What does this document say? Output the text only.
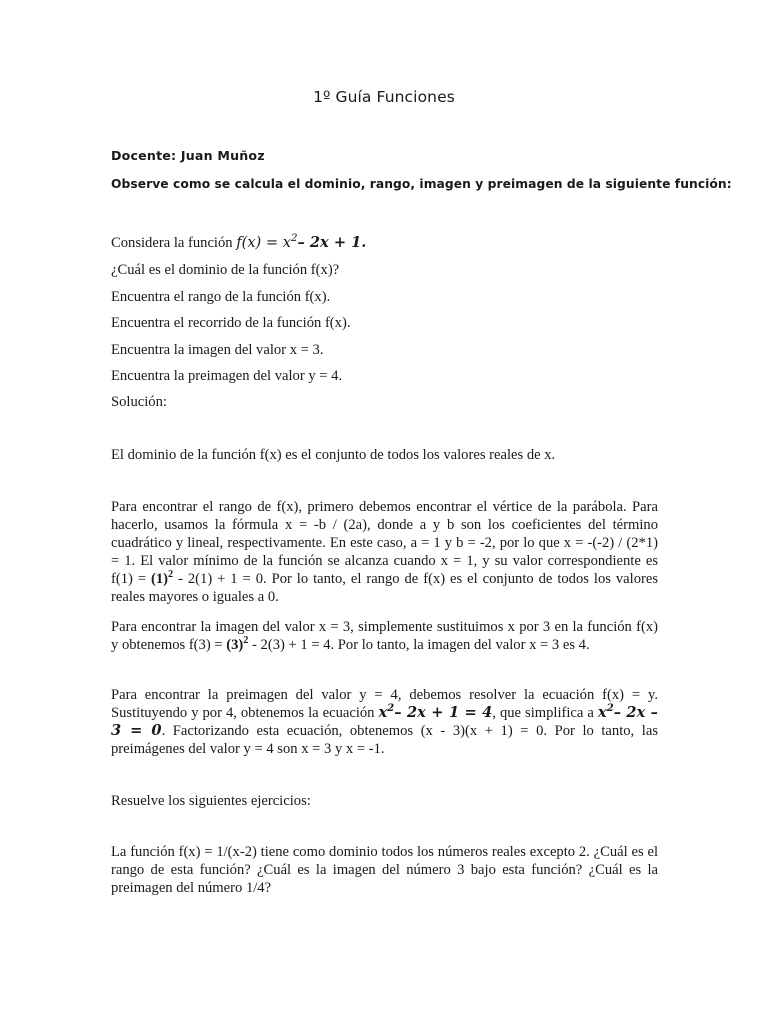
1º Guía Funciones
Docente: Juan Muñoz
Observe como se calcula el dominio, rango, imagen y preimagen de la siguiente función:
Considera la función $f(x) = x^2-$ 2x + 1.
¿Cuál es el dominio de la función f(x)?
Encuentra el rango de la función f(x).
Encuentra el recorrido de la función f(x).
Encuentra la imagen del valor x = 3.
Encuentra la preimagen del valor y = 4.
Solución:
El dominio de la función f(x) es el conjunto de todos los valores reales de x.
Para encontrar el rango de f(x), primero debemos encontrar el vértice de la parábola. Para hacerlo, usamos la fórmula x = -b / (2a), donde a y b son los coeficientes del término cuadrático y lineal, respectivamente. En este caso, a = 1 y b = -2, por lo que x = -(-2) / (2*1) = 1. El valor mínimo de la función se alcanza cuando x = 1, y su valor correspondiente es $f(1) = (1)^2 - 2(1) + 1 = 0$. Por lo tanto, el rango de f(x) es el conjunto de todos los valores reales mayores o iguales a 0.
Para encontrar la imagen del valor x = 3, simplemente sustituimos x por 3 en la función f(x) y obtenemos $f(3) = (3)^2 - 2(3) + 1 = 4$. Por lo tanto, la imagen del valor x = 3 es 4.
Para encontrar la preimagen del valor y = 4, debemos resolver la ecuación f(x) = y. Sustituyendo y por 4, obtenemos la ecuación $x^2-$ 2x + 1 = 4, que simplifica a $x^2-$ 2x – 3 = 0. Factorizando esta ecuación, obtenemos (x - 3)(x + 1) = 0. Por lo tanto, las preimágenes del valor y = 4 son x = 3 y x = -1.
Resuelve los siguientes ejercicios:
La función f(x) = 1/(x-2) tiene como dominio todos los números reales excepto 2. ¿Cuál es el rango de esta función? ¿Cuál es la imagen del número 3 bajo esta función? ¿Cuál es la preimagen del número 1/4?
